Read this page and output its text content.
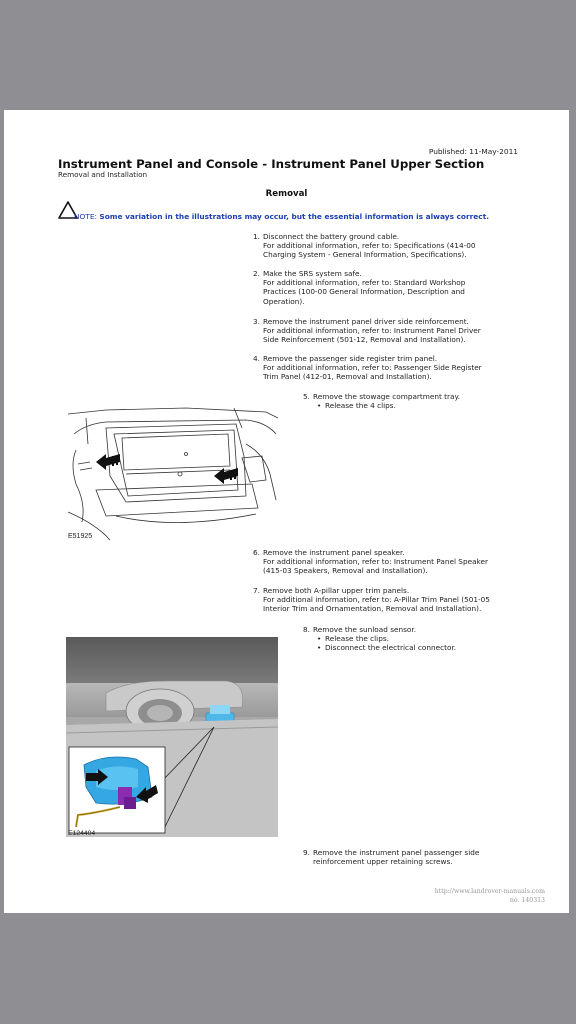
Published: 11-May-2011
Instrument Panel and Console - Instrument Panel Upper Section
Removal and Installation
Removal
NOTE: Some variation in the illustrations may occur, but the essential information is always correct.
1. Disconnect the battery ground cable.
For additional information, refer to: Specifications (414-00
Charging System - General Information, Specifications).
2. Make the SRS system safe.
For additional information, refer to: Standard Workshop
Practices (100-00 General Information, Description and
Operation).
3. Remove the instrument panel driver side reinforcement.
For additional information, refer to: Instrument Panel Driver
Side Reinforcement (501-12, Removal and Installation).
4. Remove the passenger side register trim panel.
For additional information, refer to: Passenger Side Register
Trim Panel (412-01, Removal and Installation).
5. Remove the stowage compartment tray.
• Release the 4 clips.
E51925
6. Remove the instrument panel speaker.
For additional information, refer to: Instrument Panel Speaker
(415-03 Speakers, Removal and Installation).
7. Remove both A-pillar upper trim panels.
For additional information, refer to: A-Pillar Trim Panel (501-05
Interior Trim and Ornamentation, Removal and Installation).
8. Remove the sunload sensor.
• Release the clips.
• Disconnect the electrical connector.
E124404
9. Remove the instrument panel passenger side
reinforcement upper retaining screws.
http://www.landrover-manuals.com
no. 140313
